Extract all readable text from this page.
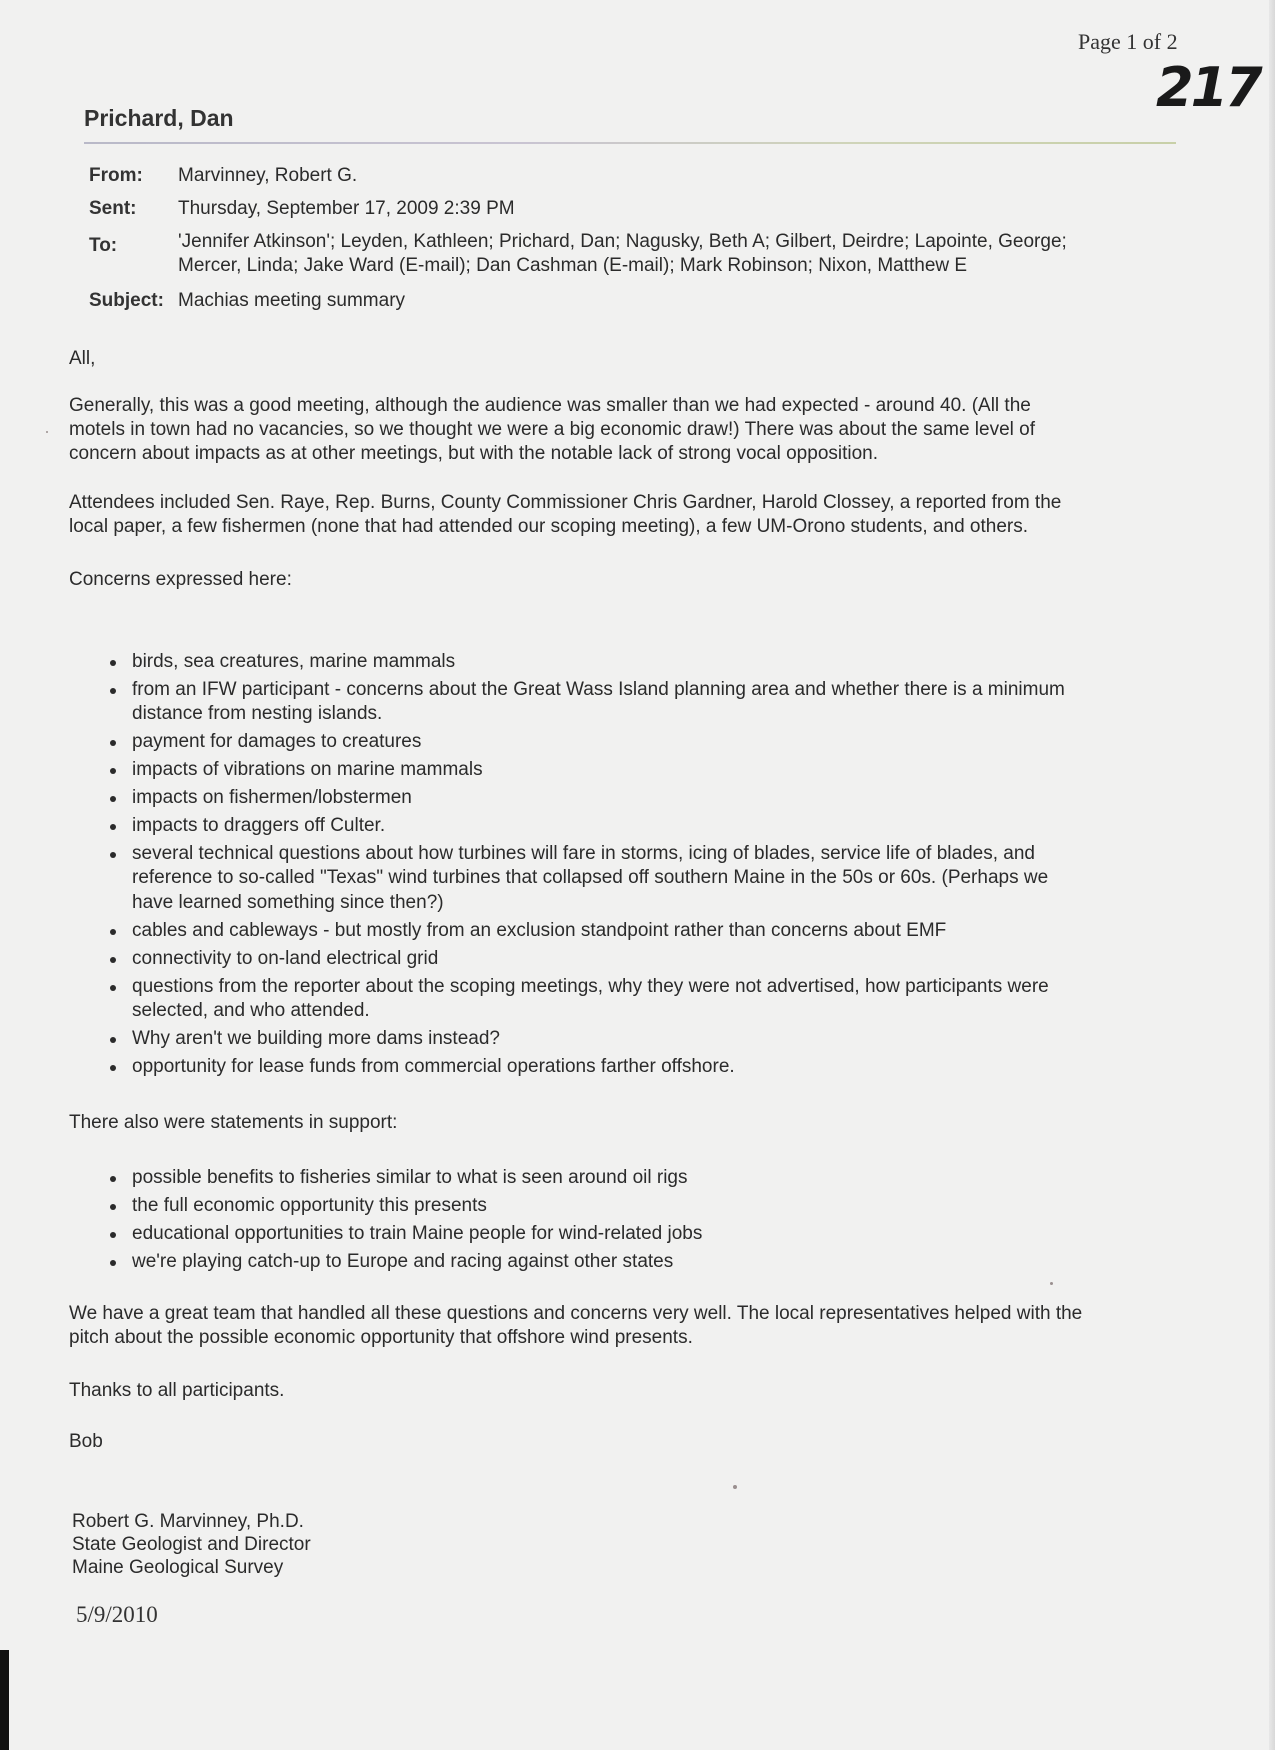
Page 1 of 2
217
Prichard, Dan
From:	Marvinney, Robert G.
Sent:	Thursday, September 17, 2009 2:39 PM
To:	'Jennifer Atkinson'; Leyden, Kathleen; Prichard, Dan; Nagusky, Beth A; Gilbert, Deirdre; Lapointe, George;
Mercer, Linda; Jake Ward (E-mail); Dan Cashman (E-mail); Mark Robinson; Nixon, Matthew E
Subject: Machias meeting summary
All,
Generally, this was a good meeting, although the audience was smaller than we had expected - around 40. (All the
motels in town had no vacancies, so we thought we were a big economic draw!) There was about the same level of
concern about impacts as at other meetings, but with the notable lack of strong vocal opposition.
Attendees included Sen. Raye, Rep. Burns, County Commissioner Chris Gardner, Harold Clossey, a reported from the
local paper, a few fishermen (none that had attended our scoping meeting), a few UM-Orono students, and others.
Concerns expressed here:
birds, sea creatures, marine mammals
from an IFW participant - concerns about the Great Wass Island planning area and whether there is a minimum
distance from nesting islands.
payment for damages to creatures
impacts of vibrations on marine mammals
impacts on fishermen/lobstermen
impacts to draggers off Culter.
several technical questions about how turbines will fare in storms, icing of blades, service life of blades, and
reference to so-called "Texas" wind turbines that collapsed off southern Maine in the 50s or 60s. (Perhaps we
have learned something since then?)
cables and cableways - but mostly from an exclusion standpoint rather than concerns about EMF
connectivity to on-land electrical grid
questions from the reporter about the scoping meetings, why they were not advertised, how participants were
selected, and who attended.
Why aren't we building more dams instead?
opportunity for lease funds from commercial operations farther offshore.
There also were statements in support:
possible benefits to fisheries similar to what is seen around oil rigs
the full economic opportunity this presents
educational opportunities to train Maine people for wind-related jobs
we're playing catch-up to Europe and racing against other states
We have a great team that handled all these questions and concerns very well. The local representatives helped with the
pitch about the possible economic opportunity that offshore wind presents.
Thanks to all participants.
Bob
Robert G. Marvinney, Ph.D.
State Geologist and Director
Maine Geological Survey
5/9/2010
